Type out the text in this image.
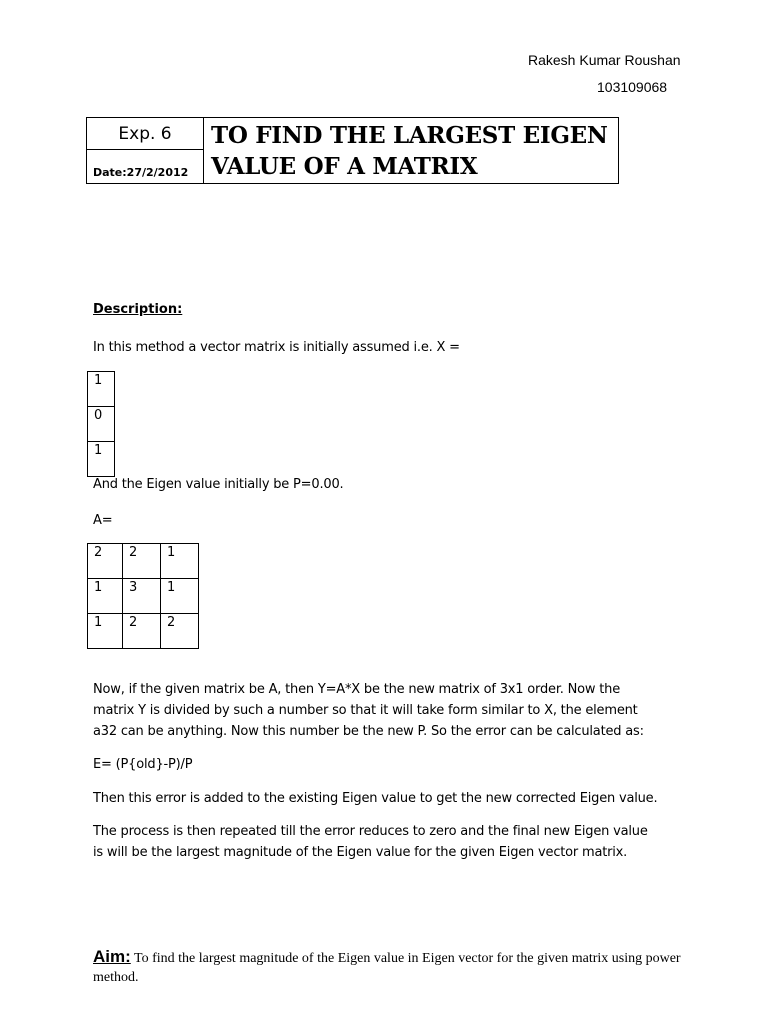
Rakesh Kumar Roushan
103109068
Exp. 6
Date:27/2/2012
TO FIND THE LARGEST EIGEN
VALUE OF A MATRIX
Description:
In this method a vector matrix is initially assumed i.e. X =
1
0
1
And the Eigen value initially be P=0.00.
A=
2	2	1
1	3	1
1	2	2
Now, if the given matrix be A, then Y=A*X be the new matrix of 3x1 order. Now the
matrix Y is divided by such a number so that it will take form similar to X, the element
a32 can be anything. Now this number be the new P. So the error can be calculated as:
E= (P{old}-P)/P
Then this error is added to the existing Eigen value to get the new corrected Eigen value.
The process is then repeated till the error reduces to zero and the final new Eigen value
is will be the largest magnitude of the Eigen value for the given Eigen vector matrix.
Aim: To find the largest magnitude of the Eigen value in Eigen vector for the given matrix using power method.
